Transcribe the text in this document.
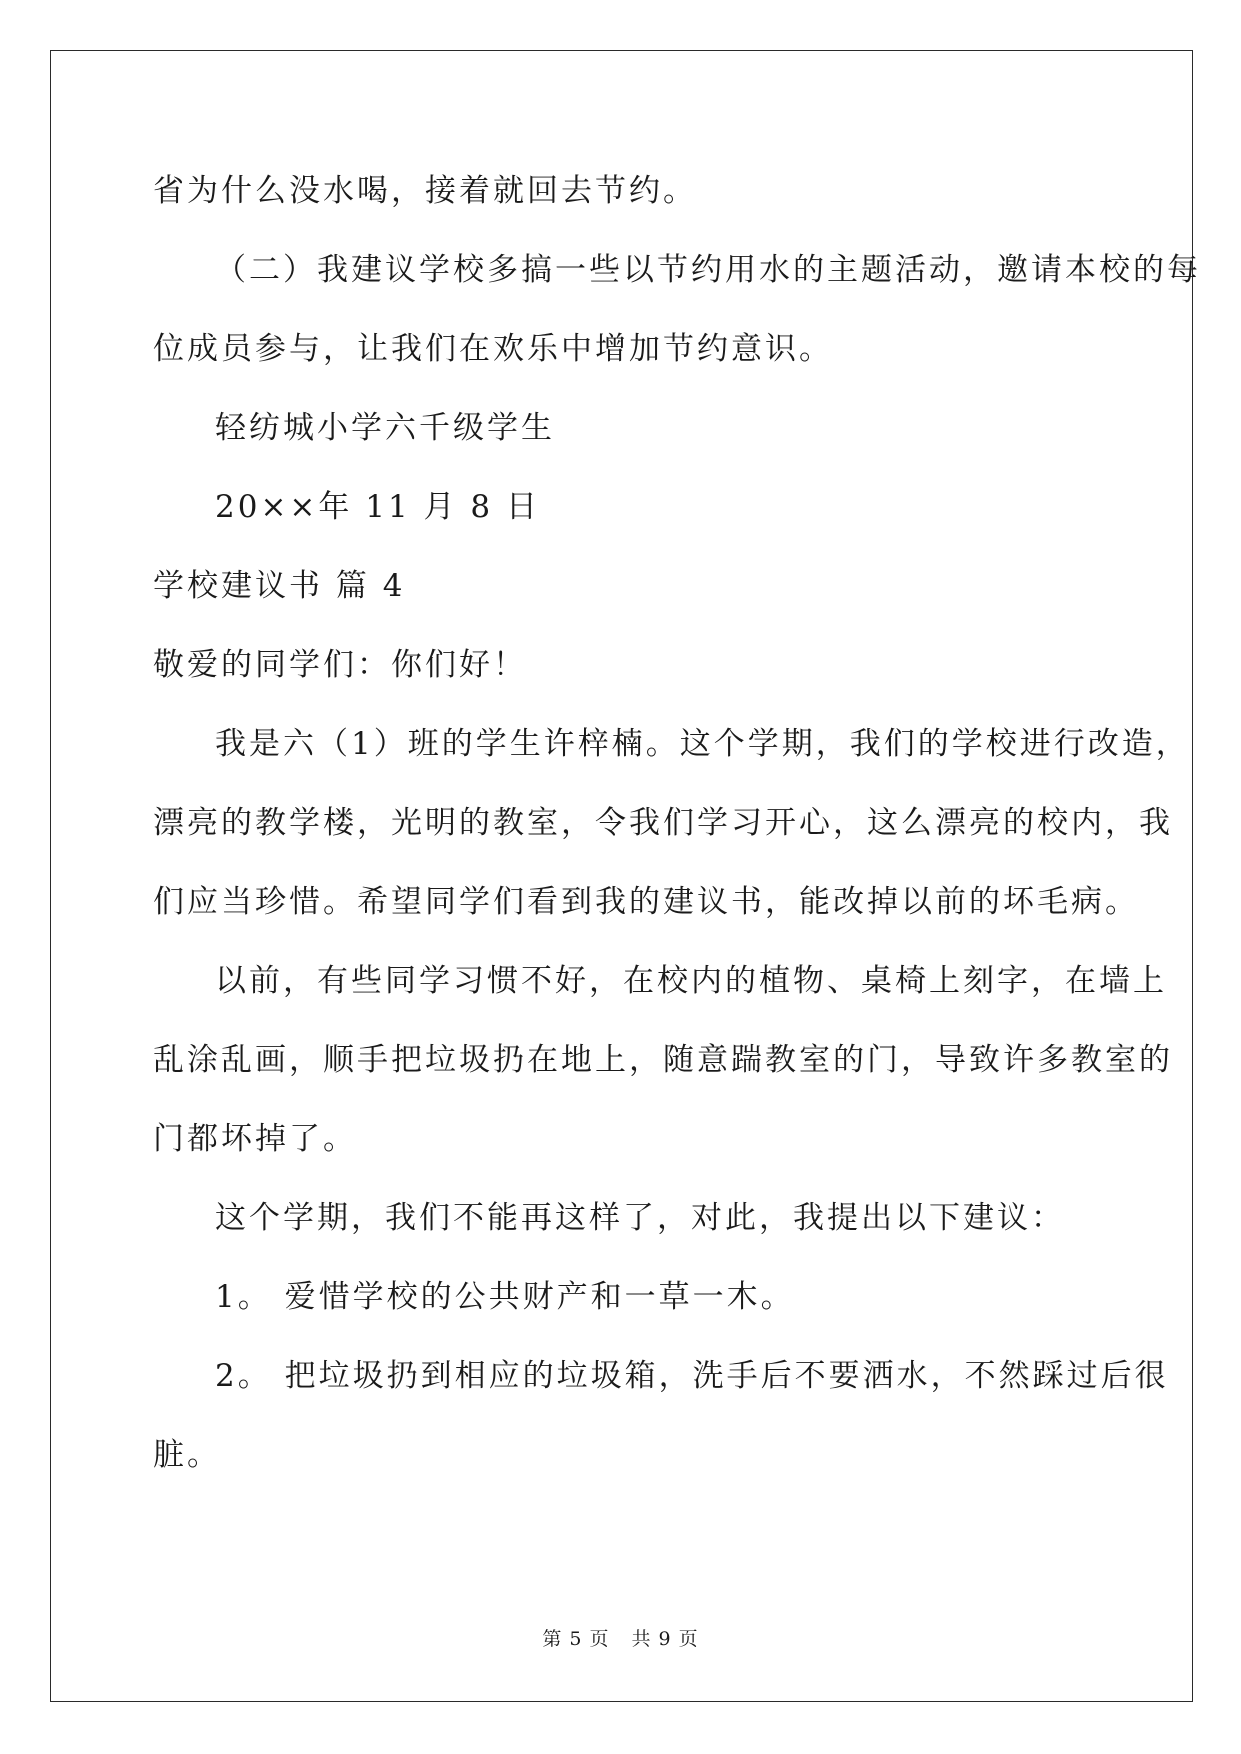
省为什么没水喝，接着就回去节约。
（二）我建议学校多搞一些以节约用水的主题活动，邀请本校的每
位成员参与，让我们在欢乐中增加节约意识。
轻纺城小学六千级学生
20××年 11 月 8 日
学校建议书 篇 4
敬爱的同学们：你们好！
我是六（1）班的学生许梓楠。这个学期，我们的学校进行改造，
漂亮的教学楼，光明的教室，令我们学习开心，这么漂亮的校内，我
们应当珍惜。希望同学们看到我的建议书，能改掉以前的坏毛病。
以前，有些同学习惯不好，在校内的植物、桌椅上刻字，在墙上
乱涂乱画，顺手把垃圾扔在地上，随意踹教室的门，导致许多教室的
门都坏掉了。
这个学期，我们不能再这样了，对此，我提出以下建议：
1。 爱惜学校的公共财产和一草一木。
2。 把垃圾扔到相应的垃圾箱，洗手后不要洒水，不然踩过后很
脏。
第 5 页 共 9 页
